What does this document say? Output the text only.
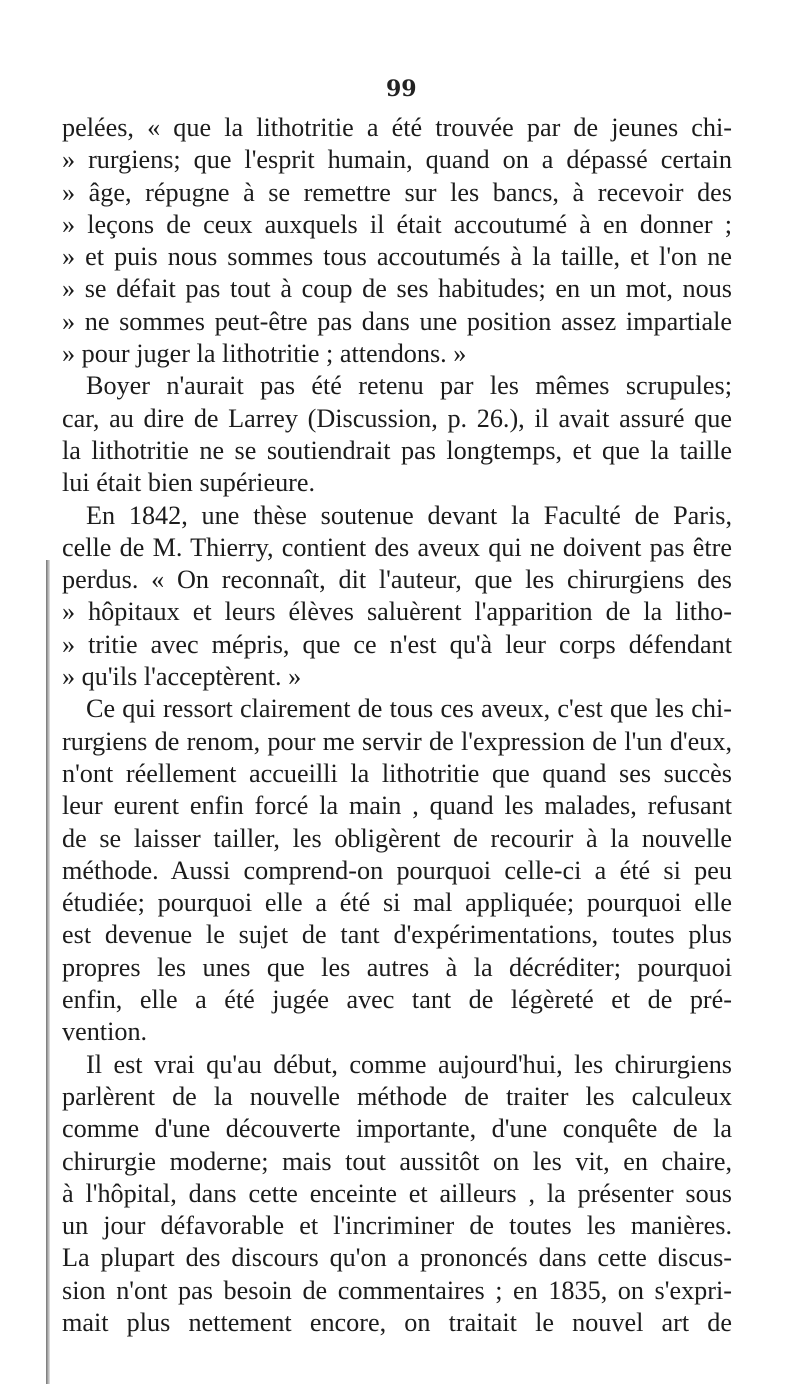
99
pelées, « que la lithotritie a été trouvée par de jeunes chi-
» rurgiens; que l'esprit humain, quand on a dépassé certain
» âge, répugne à se remettre sur les bancs, à recevoir des
» leçons de ceux auxquels il était accoutumé à en donner ;
» et puis nous sommes tous accoutumés à la taille, et l'on ne
» se défait pas tout à coup de ses habitudes; en un mot, nous
» ne sommes peut-être pas dans une position assez impartiale
» pour juger la lithotritie ; attendons. »
Boyer n'aurait pas été retenu par les mêmes scrupules;
car, au dire de Larrey (Discussion, p. 26.), il avait assuré que
la lithotritie ne se soutiendrait pas longtemps, et que la taille
lui était bien supérieure.
En 1842, une thèse soutenue devant la Faculté de Paris,
celle de M. Thierry, contient des aveux qui ne doivent pas être
perdus. « On reconnaît, dit l'auteur, que les chirurgiens des
» hôpitaux et leurs élèves saluèrent l'apparition de la litho-
» tritie avec mépris, que ce n'est qu'à leur corps défendant
» qu'ils l'acceptèrent. »
Ce qui ressort clairement de tous ces aveux, c'est que les chi-
rurgiens de renom, pour me servir de l'expression de l'un d'eux,
n'ont réellement accueilli la lithotritie que quand ses succès
leur eurent enfin forcé la main , quand les malades, refusant
de se laisser tailler, les obligèrent de recourir à la nouvelle
méthode. Aussi comprend-on pourquoi celle-ci a été si peu
étudiée; pourquoi elle a été si mal appliquée; pourquoi elle
est devenue le sujet de tant d'expérimentations, toutes plus
propres les unes que les autres à la décréditer; pourquoi
enfin, elle a été jugée avec tant de légèreté et de pré-
vention.
Il est vrai qu'au début, comme aujourd'hui, les chirurgiens
parlèrent de la nouvelle méthode de traiter les calculeux
comme d'une découverte importante, d'une conquête de la
chirurgie moderne; mais tout aussitôt on les vit, en chaire,
à l'hôpital, dans cette enceinte et ailleurs , la présenter sous
un jour défavorable et l'incriminer de toutes les manières.
La plupart des discours qu'on a prononcés dans cette discus-
sion n'ont pas besoin de commentaires ; en 1835, on s'expri-
mait plus nettement encore, on traitait le nouvel art de
